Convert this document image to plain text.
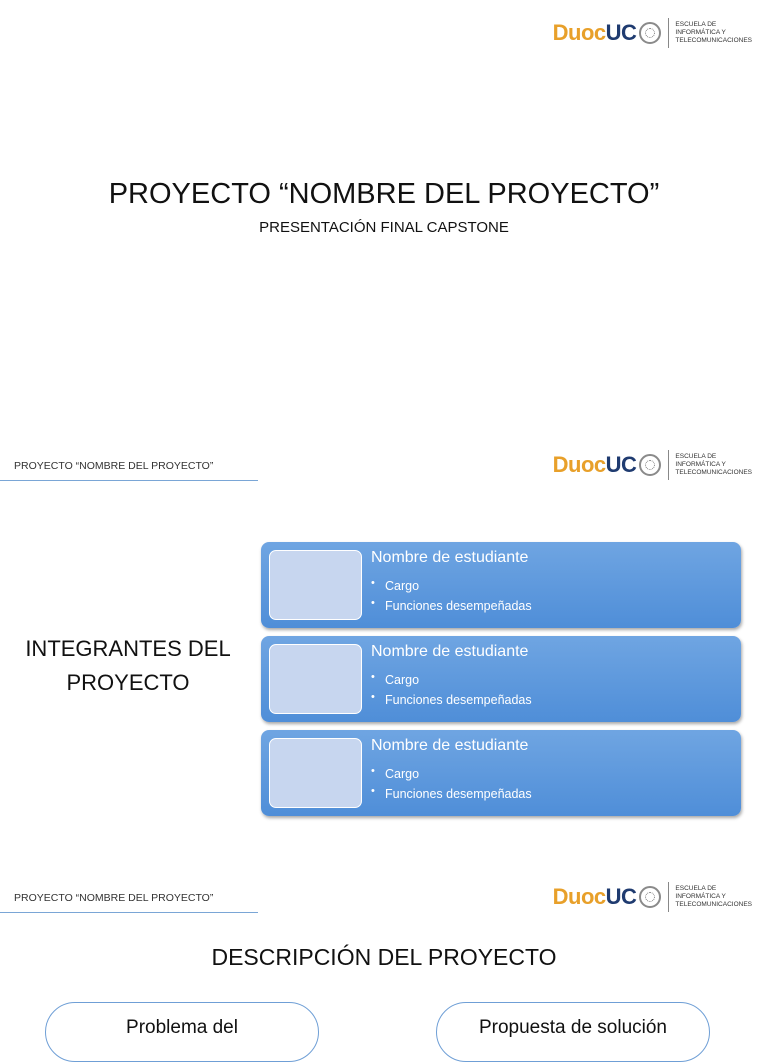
Duoc UC	ESCUELA DE
INFORMÁTICA Y
TELECOMUNICACIONES
PROYECTO “NOMBRE DEL PROYECTO”
PRESENTACIÓN FINAL CAPSTONE
PROYECTO “NOMBRE DEL PROYECTO”	Duoc UC	ESCUELA DE
INFORMÁTICA Y
TELECOMUNICACIONES
INTEGRANTES DEL
PROYECTO
Nombre de estudiante
• Cargo
• Funciones desempeñadas
Nombre de estudiante
• Cargo
• Funciones desempeñadas
Nombre de estudiante
• Cargo
• Funciones desempeñadas
PROYECTO “NOMBRE DEL PROYECTO”	Duoc UC	ESCUELA DE
INFORMÁTICA Y
TELECOMUNICACIONES
DESCRIPCIÓN DEL PROYECTO
Problema del	Propuesta de solución
